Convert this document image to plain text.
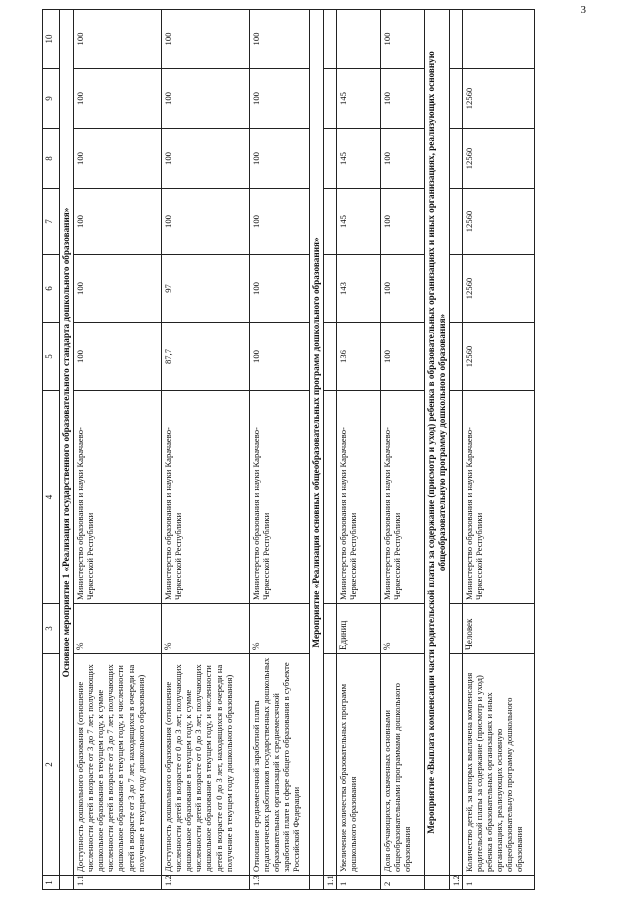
3
1	2	3	4	5	6	7	8	9	10
	Основное мероприятие 1 «Реализация государственного образовательного стандарта дошкольного образования»								
1.1	Доступность дошкольного образования (отношение численности детей в возрасте от 3 до 7 лет, получающих дошкольное образование в текущем году, к сумме численности детей в возрасте от 3 до 7 лет, получающих дошкольное образование в текущем году, и численности детей в возрасте от 3 до 7 лет, находящихся в очереди на получение в текущем году дошкольного образования)	%	Министерство образования и науки Карачаево-Черкесской Республики	100	100	100	100	100	100
1.2	Доступность дошкольного образования (отношение численности детей в возрасте от 0 до 3 лет, получающих дошкольное образование в текущем году, к сумме численности детей в возрасте от 0 до 3 лет, получающих дошкольное образование в текущем году, и численности детей в возрасте от 0 до 3 лет, находящихся в очереди на получение в текущем году дошкольного образования)	%	Министерство образования и науки Карачаево-Черкесской Республики	87,7	97	100	100	100	100
1.3	Отношение среднемесячной заработной платы педагогических работников государственных дошкольных образовательных организаций к среднемесячной заработной плате в сфере общего образования в субъекте Российской Федерации	%	Министерство образования и науки Карачаево-Черкесской Республики	100	100	100	100	100	100
	Мероприятие «Реализация основных общеобразовательных программ дошкольного образования»								
1.1									
1	Увеличение количества образовательных программ дошкольного образования	Единиц	Министерство образования и науки Карачаево-Черкесской Республики	136	143	145	145	145	
2	Доля обучающихся, охваченных основными общеобразовательными программами дошкольного образования	%	Министерство образования и науки Карачаево-Черкесской Республики	100	100	100	100	100	100
	Мероприятие «Выплата компенсации части родительской платы за содержание (присмотр и уход) ребенка в образовательных организациях и иных организациях, реализующих основную общеобразовательную программу дошкольного образования»								
1.2									
1	Количество детей, за которых выплачена компенсация родительской платы за содержание (присмотр и уход) ребенка в образовательных организациях и иных организациях, реализующих основную общеобразовательную программу дошкольного образования	Человек	Министерство образования и науки Карачаево-Черкесской Республики	12560	12560	12560	12560	12560	
